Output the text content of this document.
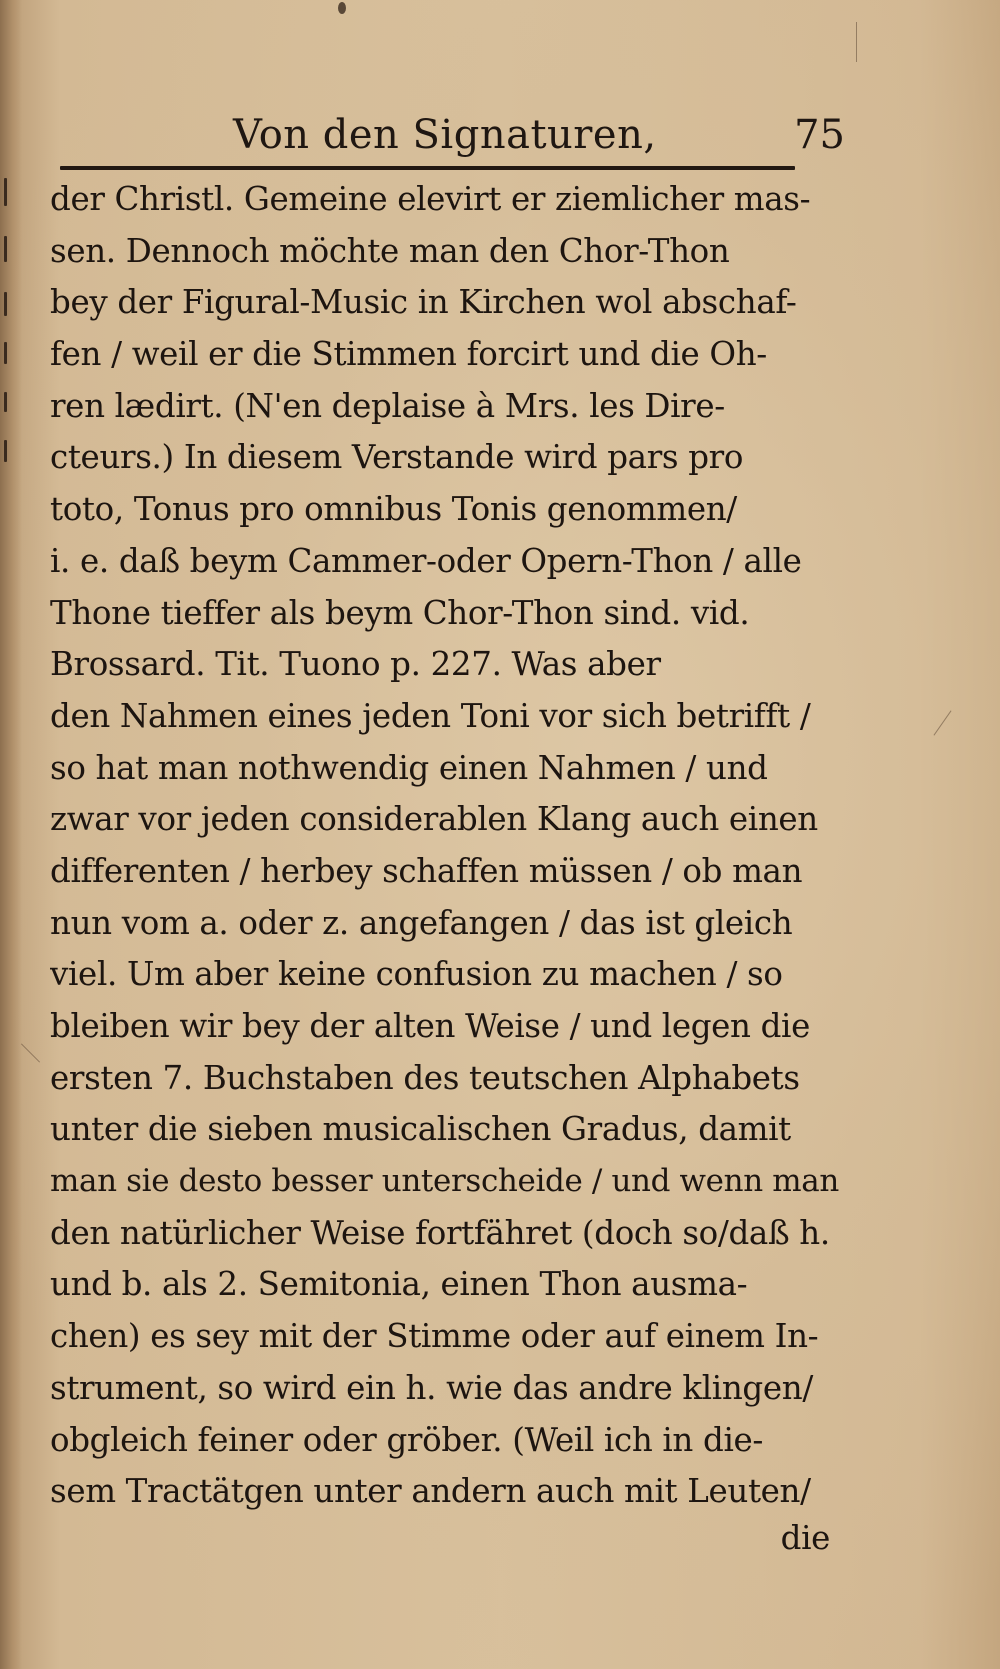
Von den Signaturen,	75
der Christl. Gemeine elevirt er ziemlicher mas-
sen. Dennoch möchte man den Chor-Thon
bey der Figural-Music in Kirchen wol abschaf-
fen / weil er die Stimmen forcirt und die Oh-
ren lædirt. (N'en deplaise à Mrs. les Dire-
cteurs.) In diesem Verstande wird pars pro
toto, Tonus pro omnibus Tonis genommen/
i. e. daß beym Cammer-oder Opern-Thon / alle
Thone tieffer als beym Chor-Thon sind. vid.
Brossard. Tit. Tuono p. 227. Was aber
den Nahmen eines jeden Toni vor sich betrifft /
so hat man nothwendig einen Nahmen / und
zwar vor jeden considerablen Klang auch einen
differenten / herbey schaffen müssen / ob man
nun vom a. oder z. angefangen / das ist gleich
viel. Um aber keine confusion zu machen / so
bleiben wir bey der alten Weise / und legen die
ersten 7. Buchstaben des teutschen Alphabets
unter die sieben musicalischen Gradus, damit
man sie desto besser unterscheide / und wenn man
den natürlicher Weise fortfähret (doch so/daß h.
und b. als 2. Semitonia, einen Thon ausma-
chen) es sey mit der Stimme oder auf einem In-
strument, so wird ein h. wie das andre klingen/
obgleich feiner oder gröber. (Weil ich in die-
sem Tractätgen unter andern auch mit Leuten/
die
